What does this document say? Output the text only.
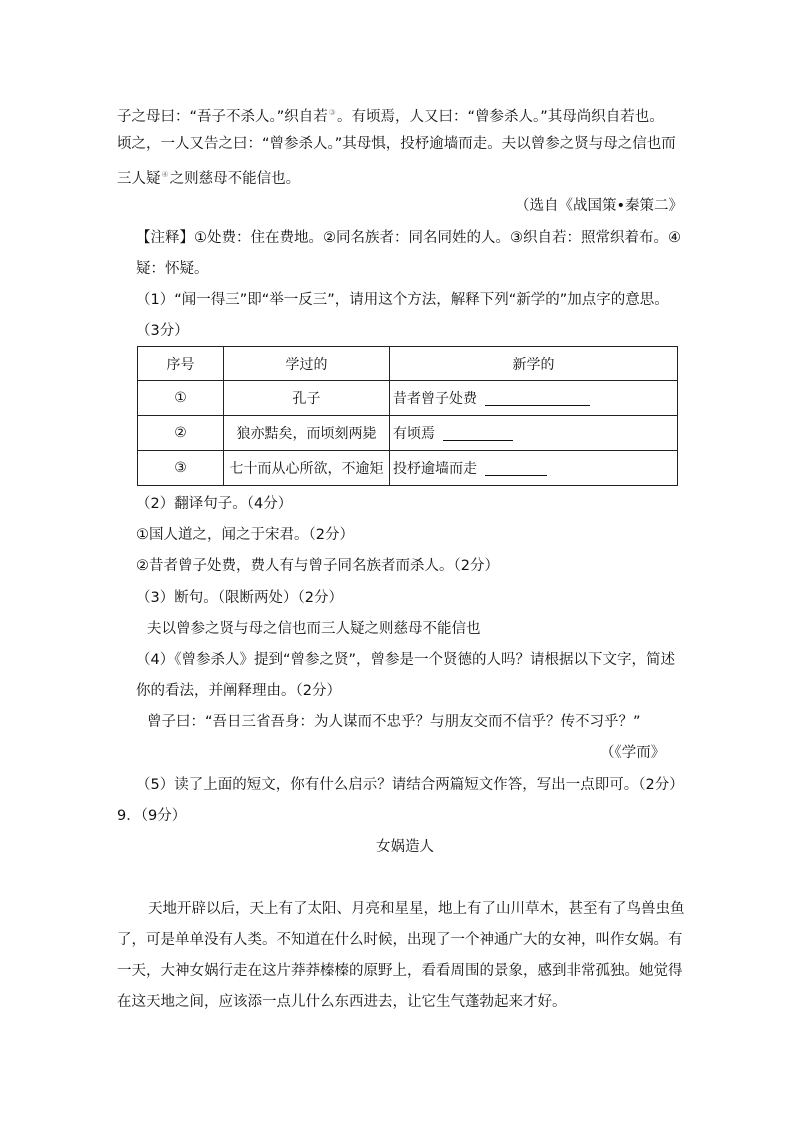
子之母曰：“吾子不杀人。”织自若③。有顷焉，人又曰：“曾参杀人。”其母尚织自若也。
顷之，一人又告之曰：“曾参杀人。”其母惧，投杼逾墙而走。夫以曾参之贤与母之信也而
三人疑④之则慈母不能信也。
（选自《战国策•秦策二》
【注释】①处费：住在费地。②同名族者：同名同姓的人。③织自若：照常织着布。④
疑：怀疑。
（1）“闻一得三”即“举一反三”，请用这个方法，解释下列“新学的”加点字的意思。
（3分）
序号	学过的	新学的
①	孔子	昔者曾子处费
②	狼亦黠矣，而顷刻两毙	有顷焉
③	七十而从心所欲，不逾矩	投杼逾墙而走
（2）翻译句子。（4分）
①国人道之，闻之于宋君。（2分）
②昔者曾子处费，费人有与曾子同名族者而杀人。（2分）
（3）断句。（限断两处）（2分）
夫以曾参之贤与母之信也而三人疑之则慈母不能信也
（4）《曾参杀人》提到“曾参之贤”，曾参是一个贤德的人吗？请根据以下文字，简述
你的看法，并阐释理由。（2分）
曾子曰：“吾日三省吾身：为人谋而不忠乎？与朋友交而不信乎？传不习乎？”
（《学而》
（5）读了上面的短文，你有什么启示？请结合两篇短文作答，写出一点即可。（2分）
9．（9分）
女娲造人
天地开辟以后，天上有了太阳、月亮和星星，地上有了山川草木，甚至有了鸟兽虫鱼
了，可是单单没有人类。不知道在什么时候，出现了一个神通广大的女神，叫作女娲。有
一天，大神女娲行走在这片莽莽榛榛的原野上，看看周围的景象，感到非常孤独。她觉得
在这天地之间，应该添一点儿什么东西进去，让它生气蓬勃起来才好。
